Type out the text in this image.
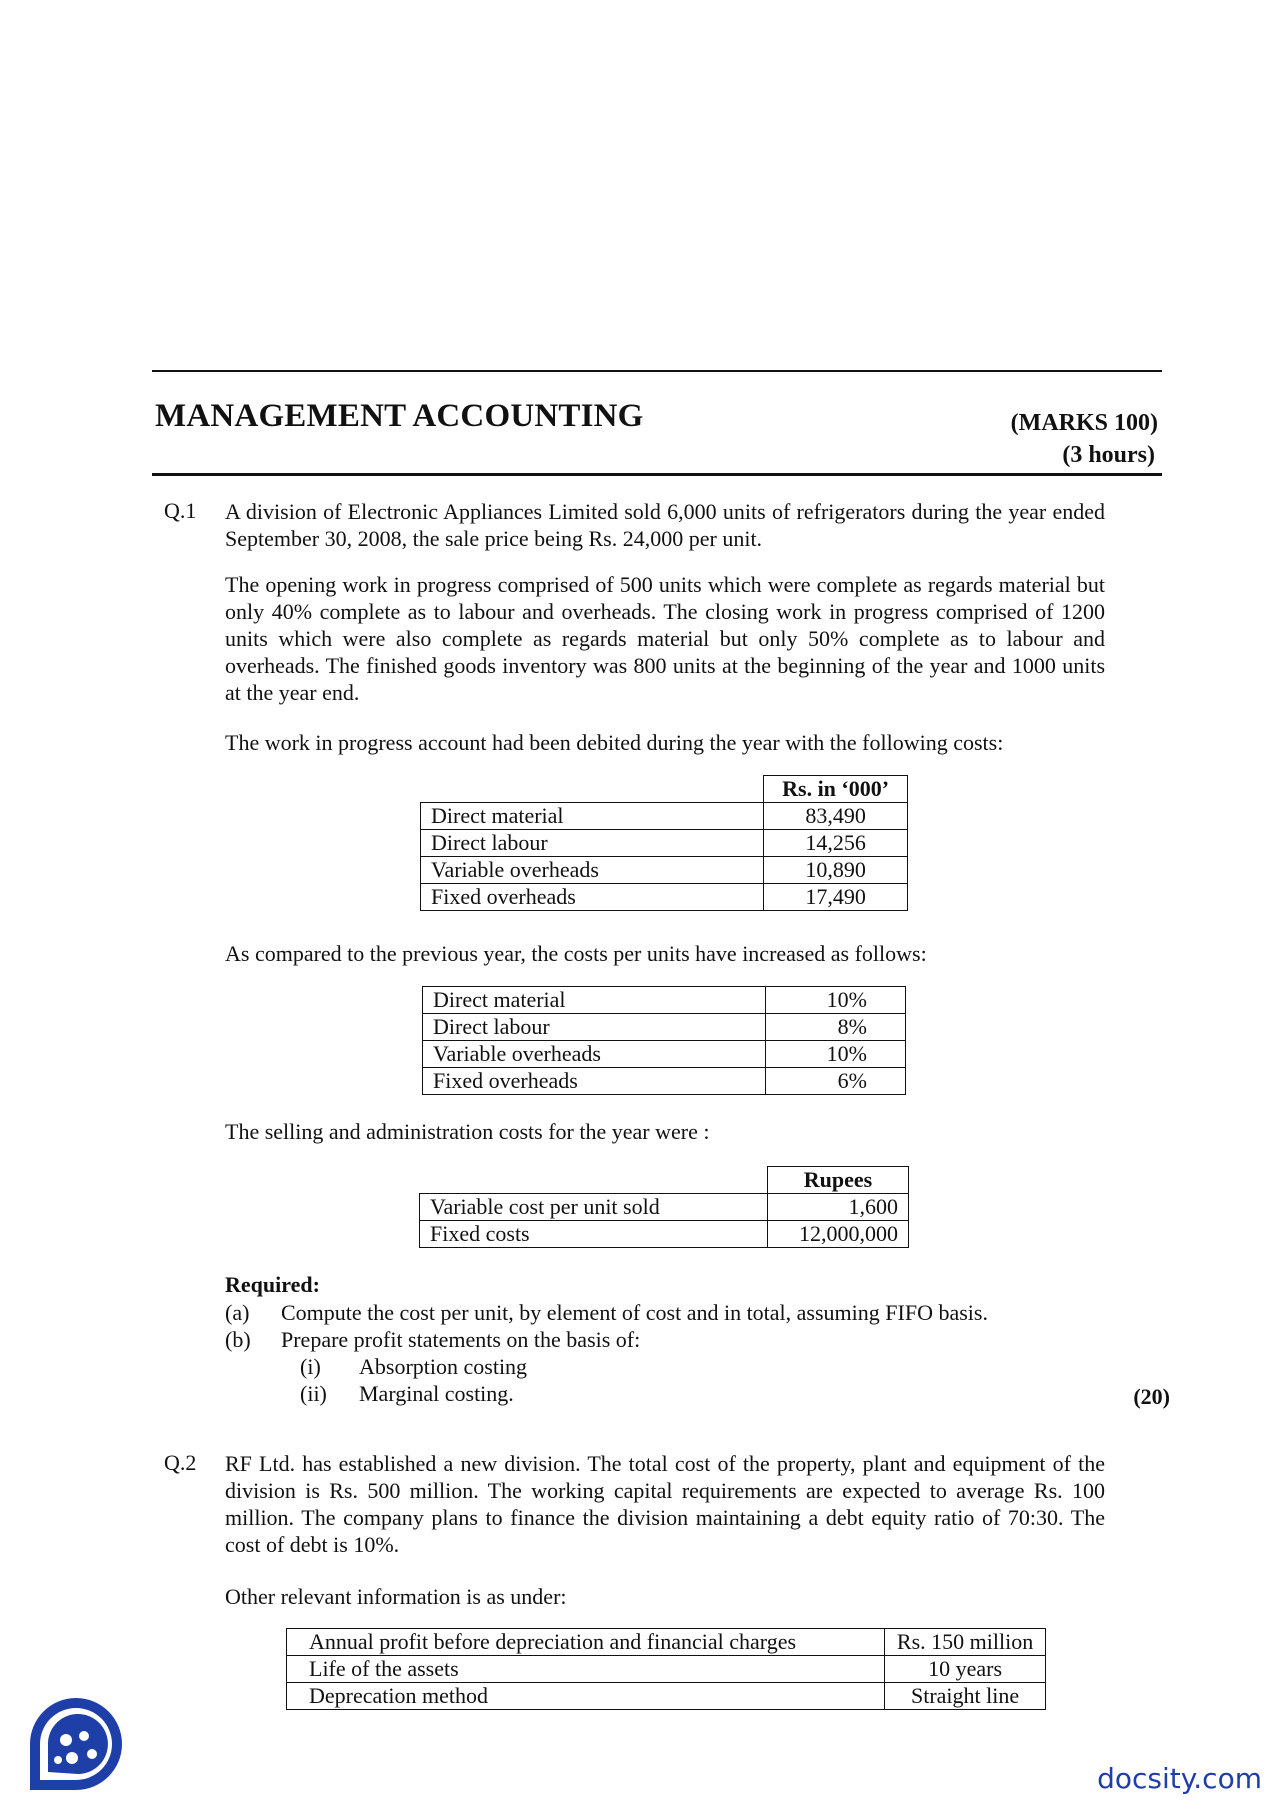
MANAGEMENT ACCOUNTING	(MARKS 100)
(3 hours)
Q.1 A division of Electronic Appliances Limited sold 6,000 units of refrigerators during the year ended September 30, 2008, the sale price being Rs. 24,000 per unit.
The opening work in progress comprised of 500 units which were complete as regards material but only 40% complete as to labour and overheads. The closing work in progress comprised of 1200 units which were also complete as regards material but only 50% complete as to labour and overheads. The finished goods inventory was 800 units at the beginning of the year and 1000 units at the year end.
The work in progress account had been debited during the year with the following costs:
	Rs. in ‘000’
Direct material	83,490
Direct labour	14,256
Variable overheads	10,890
Fixed overheads	17,490
As compared to the previous year, the costs per units have increased as follows:
Direct material	10%
Direct labour	8%
Variable overheads	10%
Fixed overheads	6%
The selling and administration costs for the year were :
	Rupees
Variable cost per unit sold	1,600
Fixed costs	12,000,000
Required:
(a) Compute the cost per unit, by element of cost and in total, assuming FIFO basis.
(b) Prepare profit statements on the basis of:
(i) Absorption costing
(ii) Marginal costing.	(20)
Q.2 RF Ltd. has established a new division. The total cost of the property, plant and equipment of the division is Rs. 500 million. The working capital requirements are expected to average Rs. 100 million. The company plans to finance the division maintaining a debt equity ratio of 70:30. The cost of debt is 10%.
Other relevant information is as under:
Annual profit before depreciation and financial charges	Rs. 150 million
Life of the assets	10 years
Deprecation method	Straight line
docsity.com
